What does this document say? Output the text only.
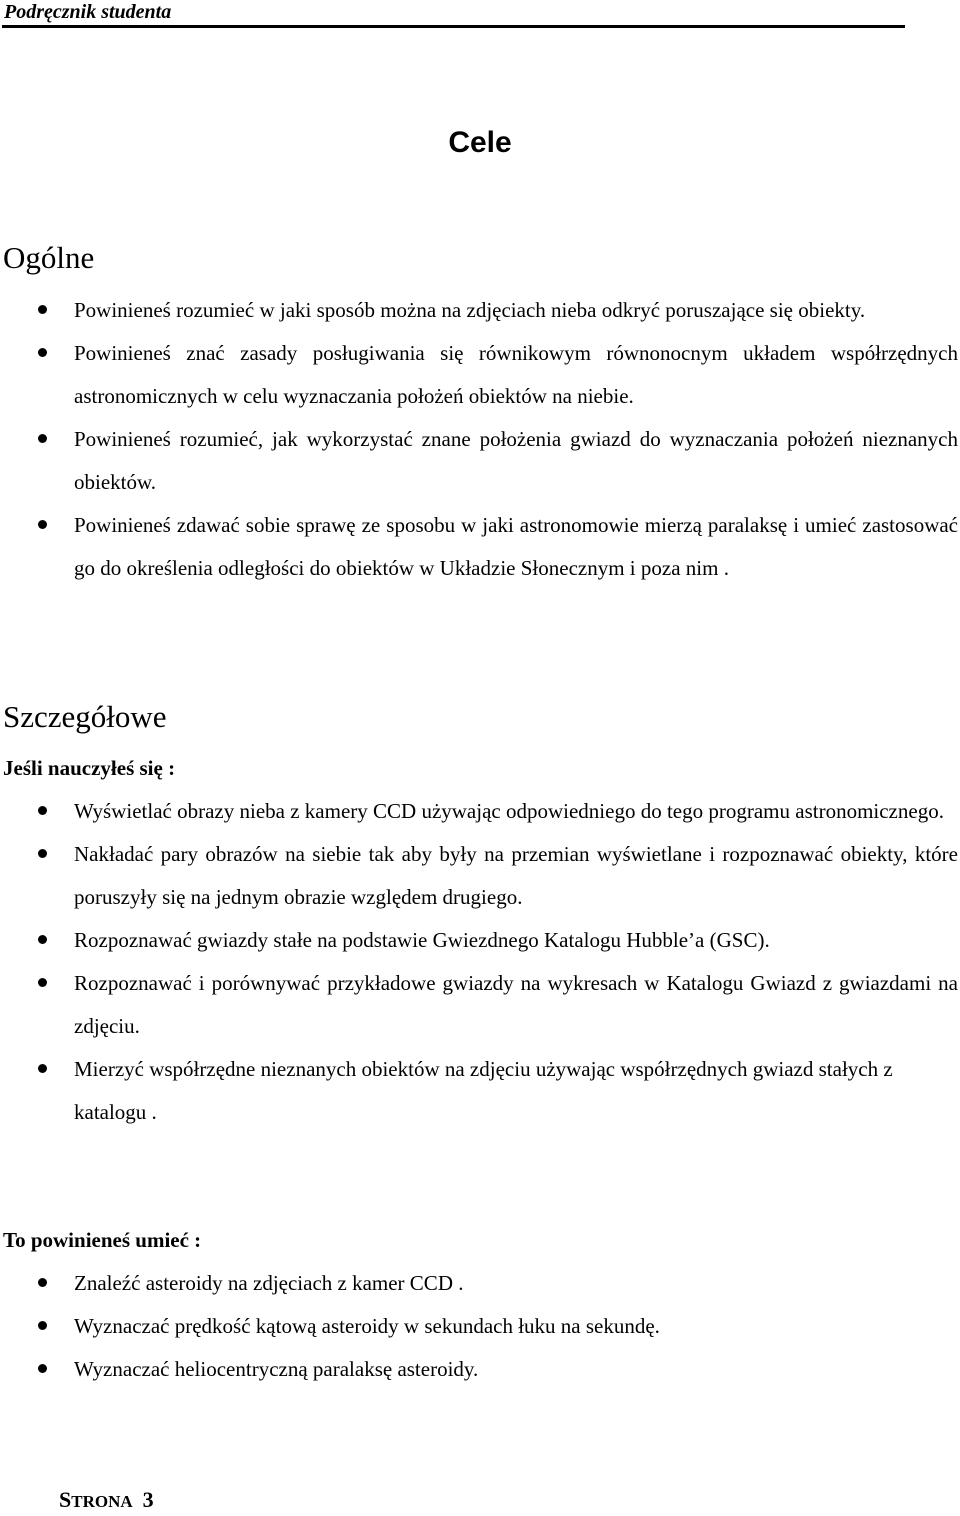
Podręcznik studenta
Cele
Ogólne
Powinieneś rozumieć w jaki sposób można na zdjęciach nieba odkryć poruszające się obiekty.
Powinieneś znać zasady posługiwania się równikowym równonocnym układem współrzędnych astronomicznych w celu wyznaczania położeń obiektów na niebie.
Powinieneś rozumieć, jak wykorzystać znane położenia gwiazd do wyznaczania położeń nieznanych obiektów.
Powinieneś zdawać sobie sprawę ze sposobu w jaki astronomowie mierzą paralaksę i umieć zastosować go do określenia odległości do obiektów w Układzie Słonecznym i poza nim .
Szczegółowe
Jeśli nauczyłeś się :
Wyświetlać obrazy nieba z kamery CCD używając odpowiedniego do tego programu astronomicznego.
Nakładać pary obrazów na siebie tak aby były na przemian wyświetlane i rozpoznawać obiekty, które poruszyły się na jednym obrazie względem drugiego.
Rozpoznawać gwiazdy stałe na podstawie Gwiezdnego Katalogu Hubble’a (GSC).
Rozpoznawać i porównywać przykładowe gwiazdy na wykresach w Katalogu Gwiazd z gwiazdami na zdjęciu.
Mierzyć współrzędne nieznanych obiektów na zdjęciu używając współrzędnych gwiazd stałych z katalogu .
To powinieneś umieć :
Znaleźć asteroidy na zdjęciach z kamer CCD .
Wyznaczać prędkość kątową asteroidy w sekundach łuku na sekundę.
Wyznaczać heliocentryczną paralaksę asteroidy.
STRONA 3
